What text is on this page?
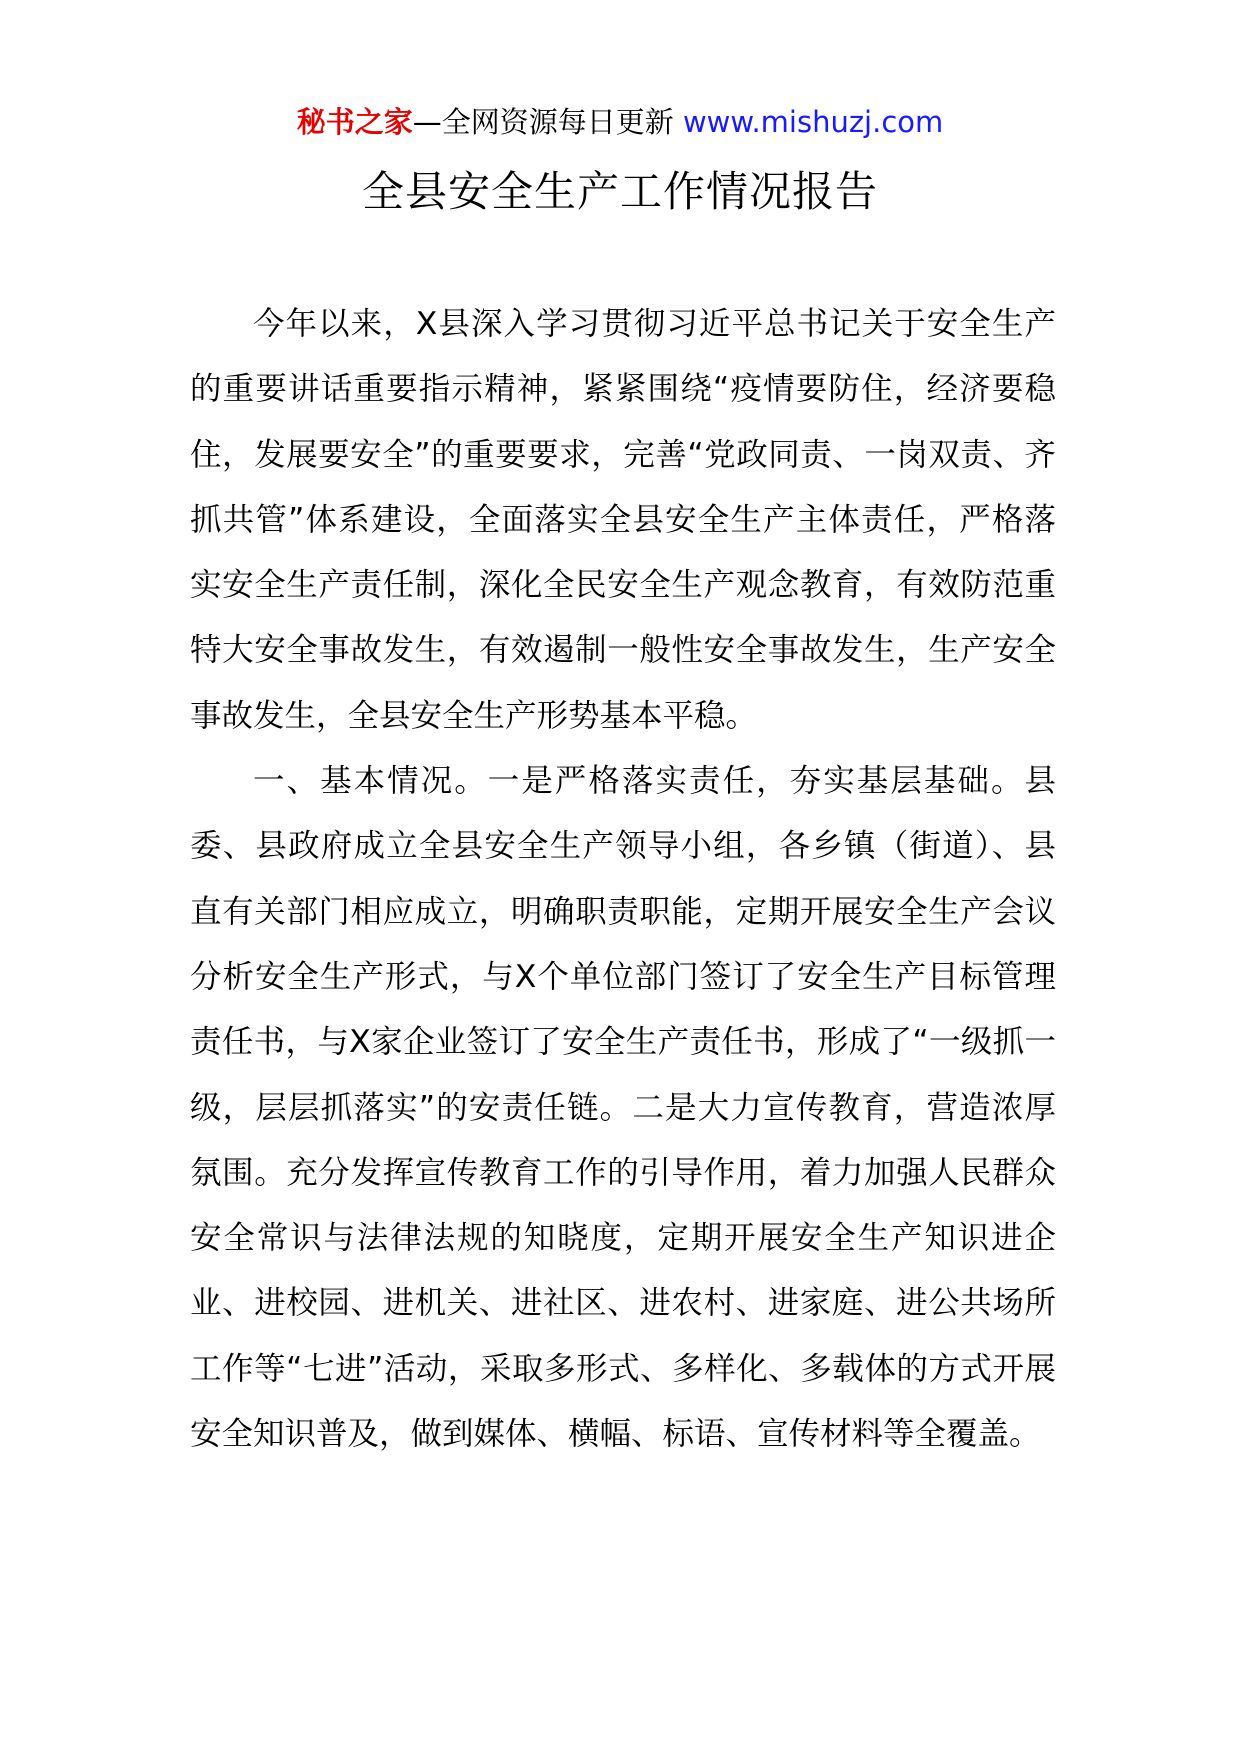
秘书之家—全网资源每日更新 www.mishuzj.com
全县安全生产工作情况报告

今年以来，X县深入学习贯彻习近平总书记关于安全生产的重要讲话重要指示精神，紧紧围绕“疫情要防住，经济要稳住，发展要安全”的重要要求，完善“党政同责、一岗双责、齐抓共管”体系建设，全面落实全县安全生产主体责任，严格落实安全生产责任制，深化全民安全生产观念教育，有效防范重特大安全事故发生，有效遏制一般性安全事故发生，生产安全事故发生，全县安全生产形势基本平稳。

一、基本情况。一是严格落实责任，夯实基层基础。县委、县政府成立全县安全生产领导小组，各乡镇（街道）、县直有关部门相应成立，明确职责职能，定期开展安全生产会议分析安全生产形式，与X个单位部门签订了安全生产目标管理责任书，与X家企业签订了安全生产责任书，形成了“一级抓一级，层层抓落实”的安责任链。二是大力宣传教育，营造浓厚氛围。充分发挥宣传教育工作的引导作用，着力加强人民群众安全常识与法律法规的知晓度，定期开展安全生产知识进企业、进校园、进机关、进社区、进农村、进家庭、进公共场所工作等“七进”活动，采取多形式、多样化、多载体的方式开展安全知识普及，做到媒体、横幅、标语、宣传材料等全覆盖。
